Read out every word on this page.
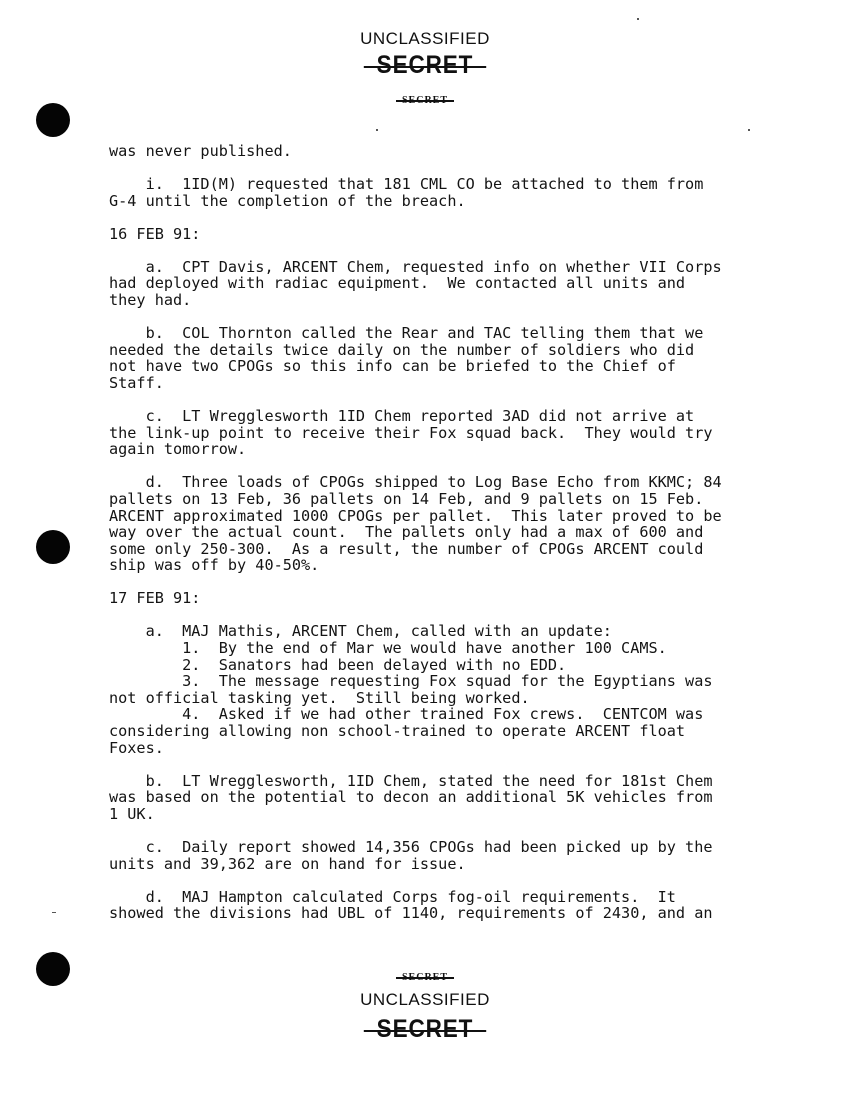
UNCLASSIFIED
SECRET
SECRET

was never published.

i.  1ID(M) requested that 181 CML CO be attached to them from

G-4 until the completion of the breach.

16 FEB 91:

a.  CPT Davis, ARCENT Chem, requested info on whether VII Corps

had deployed with radiac equipment.  We contacted all units and

they had.

b.  COL Thornton called the Rear and TAC telling them that we

needed the details twice daily on the number of soldiers who did

not have two CPOGs so this info can be briefed to the Chief of

Staff.

c.  LT Wregglesworth 1ID Chem reported 3AD did not arrive at

the link-up point to receive their Fox squad back.  They would try

again tomorrow.

d.  Three loads of CPOGs shipped to Log Base Echo from KKMC; 84

pallets on 13 Feb, 36 pallets on 14 Feb, and 9 pallets on 15 Feb.

ARCENT approximated 1000 CPOGs per pallet.  This later proved to be

way over the actual count.  The pallets only had a max of 600 and

some only 250-300.  As a result, the number of CPOGs ARCENT could

ship was off by 40-50%.

17 FEB 91:

a.  MAJ Mathis, ARCENT Chem, called with an update:

1.  By the end of Mar we would have another 100 CAMS.

2.  Sanators had been delayed with no EDD.

3.  The message requesting Fox squad for the Egyptians was

not official tasking yet.  Still being worked.

4.  Asked if we had other trained Fox crews.  CENTCOM was

considering allowing non school-trained to operate ARCENT float

Foxes.

b.  LT Wregglesworth, 1ID Chem, stated the need for 181st Chem

was based on the potential to decon an additional 5K vehicles from

1 UK.

c.  Daily report showed 14,356 CPOGs had been picked up by the

units and 39,362 are on hand for issue.

d.  MAJ Hampton calculated Corps fog-oil requirements.  It

showed the divisions had UBL of 1140, requirements of 2430, and an

SECRET
UNCLASSIFIED
SECRET
